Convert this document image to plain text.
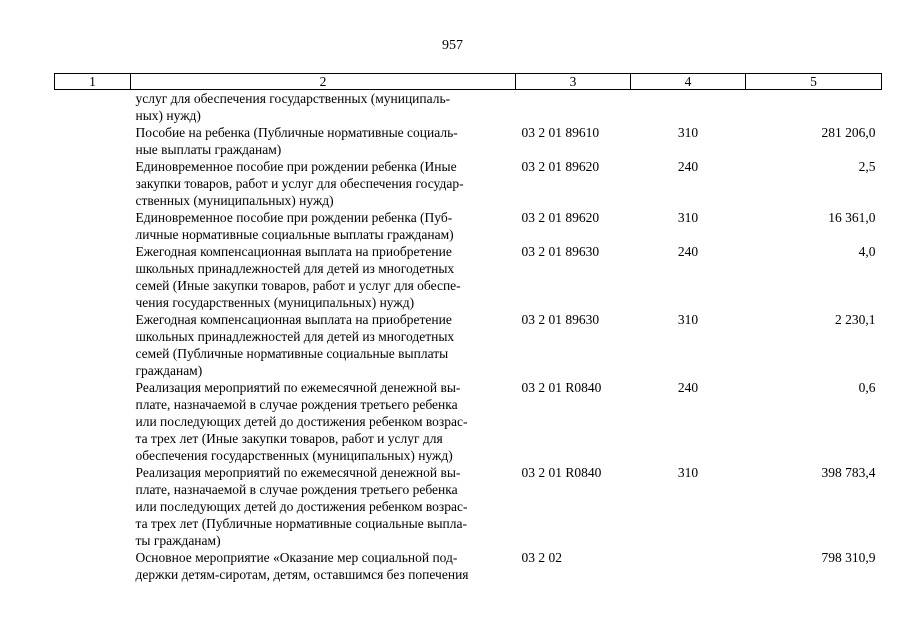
957
1	2	3	4	5

	услуг для обеспечения государственных (муниципаль-
ных) нужд)			

	Пособие на ребенка (Публичные нормативные социаль-
ные выплаты гражданам)	03 2 01 89610	310	281 206,0

	Единовременное пособие при рождении ребенка (Иные
закупки товаров, работ и услуг для обеспечения государ-
ственных (муниципальных) нужд)	03 2 01 89620	240	2,5

	Единовременное пособие при рождении ребенка (Пуб-
личные нормативные социальные выплаты гражданам)	03 2 01 89620	310	16 361,0

	Ежегодная компенсационная выплата на приобретение
школьных принадлежностей для детей из многодетных
семей (Иные закупки товаров, работ и услуг для обеспе-
чения государственных (муниципальных) нужд)	03 2 01 89630	240	4,0

	Ежегодная компенсационная выплата на приобретение
школьных принадлежностей для детей из многодетных
семей (Публичные нормативные социальные выплаты
гражданам)	03 2 01 89630	310	2 230,1

	Реализация мероприятий по ежемесячной денежной вы-
плате, назначаемой в случае рождения третьего ребенка
или последующих детей до достижения ребенком возрас-
та трех лет (Иные закупки товаров, работ и услуг для
обеспечения государственных (муниципальных) нужд)	03 2 01 R0840	240	0,6

	Реализация мероприятий по ежемесячной денежной вы-
плате, назначаемой в случае рождения третьего ребенка
или последующих детей до достижения ребенком возрас-
та трех лет (Публичные нормативные социальные выпла-
ты гражданам)	03 2 01 R0840	310	398 783,4

	Основное мероприятие «Оказание мер социальной под-
держки детям-сиротам, детям, оставшимся без попечения	03 2 02		798 310,9
